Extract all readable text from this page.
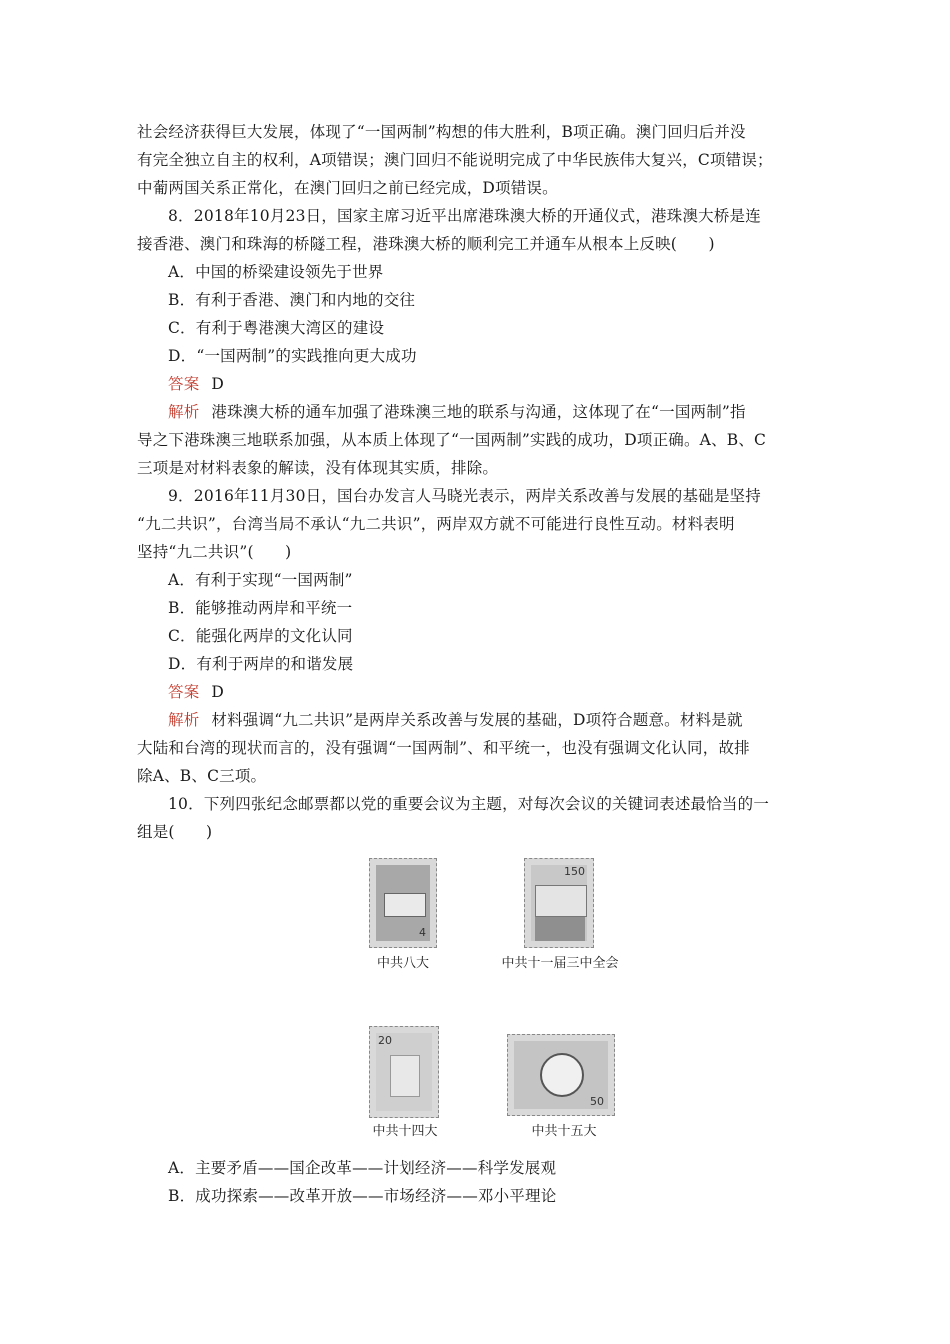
社会经济获得巨大发展，体现了“一国两制”构想的伟大胜利，B项正确。澳门回归后并没
有完全独立自主的权利，A项错误；澳门回归不能说明完成了中华民族伟大复兴，C项错误；
中葡两国关系正常化，在澳门回归之前已经完成，D项错误。
8．2018年10月23日，国家主席习近平出席港珠澳大桥的开通仪式，港珠澳大桥是连
接香港、澳门和珠海的桥隧工程，港珠澳大桥的顺利完工并通车从根本上反映(　　)
A．中国的桥梁建设领先于世界
B．有利于香港、澳门和内地的交往
C．有利于粤港澳大湾区的建设
D．“一国两制”的实践推向更大成功
答案 D
解析 港珠澳大桥的通车加强了港珠澳三地的联系与沟通，这体现了在“一国两制”指
导之下港珠澳三地联系加强，从本质上体现了“一国两制”实践的成功，D项正确。A、B、C
三项是对材料表象的解读，没有体现其实质，排除。
9．2016年11月30日，国台办发言人马晓光表示，两岸关系改善与发展的基础是坚持
“九二共识”，台湾当局不承认“九二共识”，两岸双方就不可能进行良性互动。材料表明
坚持“九二共识”(　　)
A．有利于实现“一国两制”
B．能够推动两岸和平统一
C．能强化两岸的文化认同
D．有利于两岸的和谐发展
答案 D
解析 材料强调“九二共识”是两岸关系改善与发展的基础，D项符合题意。材料是就
大陆和台湾的现状而言的，没有强调“一国两制”、和平统一，也没有强调文化认同，故排
除A、B、C三项。
10．下列四张纪念邮票都以党的重要会议为主题，对每次会议的关键词表述最恰当的一
组是(　　)
4
中共八大
150
中共十一届三中全会
20
中共十四大
50
中共十五大
A．主要矛盾——国企改革——计划经济——科学发展观
B．成功探索——改革开放——市场经济——邓小平理论
